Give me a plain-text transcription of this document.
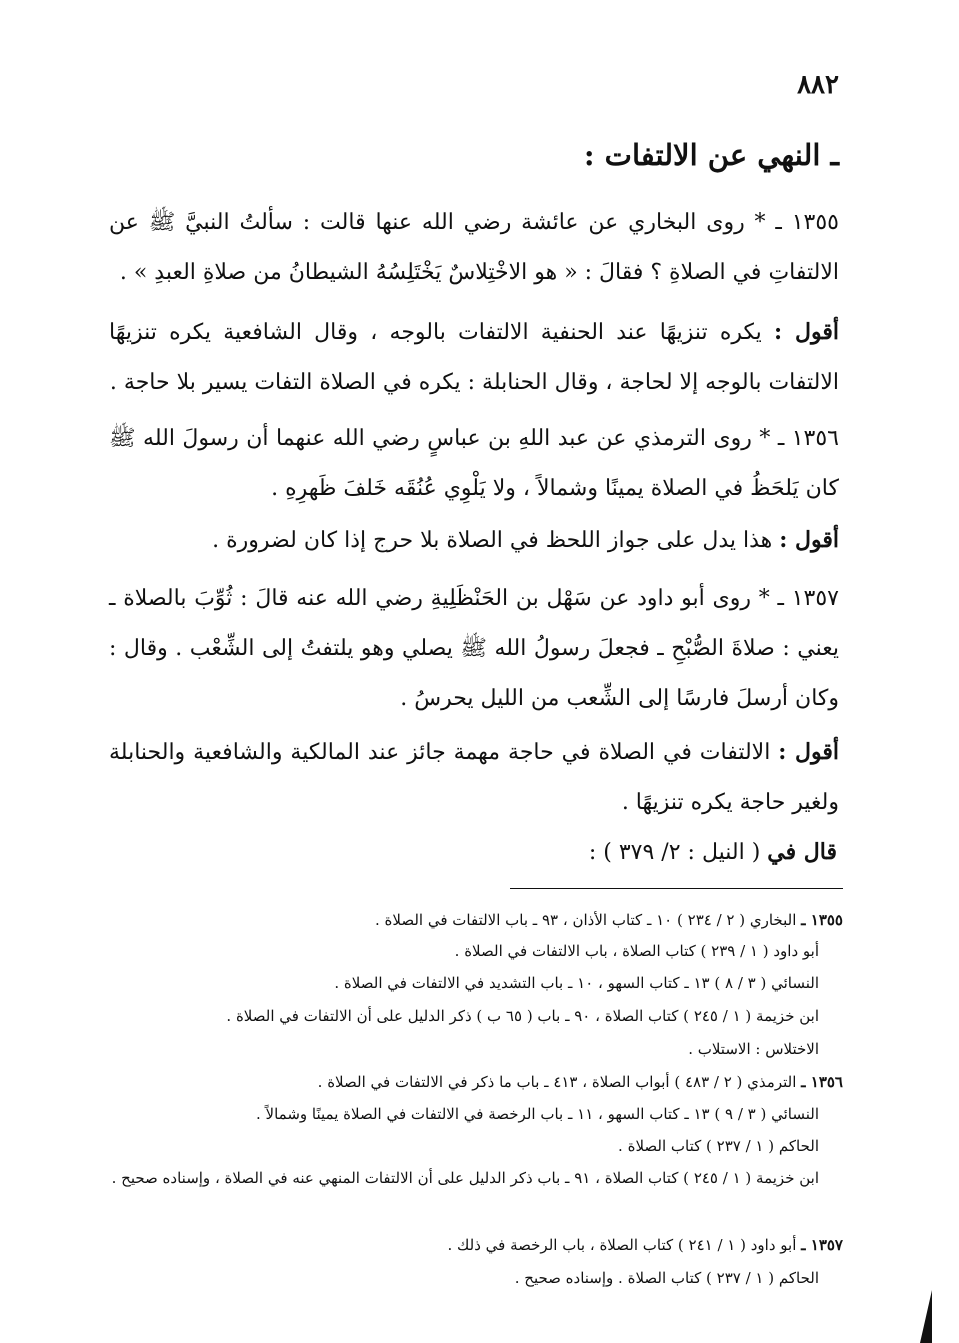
٨٨٢
ـ النهي عن الالتفات :
١٣٥٥ ـ * روى البخاري عن عائشة رضي الله عنها قالت : سألتُ النبيَّ ﷺ عن الالتفاتِ في الصلاةِ ؟ فقالَ : « هو الاخْتِلاسٌ يَخْتَلِسُهُ الشيطانُ من صلاةِ العبدِ » .
أقول : يكره تنزيهًا عند الحنفية الالتفات بالوجه ، وقال الشافعية يكره تنزيهًا الالتفات بالوجه إلا لحاجة ، وقال الحنابلة : يكره في الصلاة التفات يسير بلا حاجة .
١٣٥٦ ـ * روى الترمذي عن عبد اللهِ بن عباسٍ رضي الله عنهما أن رسولَ الله ﷺ كان يَلحَظُ في الصلاة يمينًا وشمالاً ، ولا يَلْوِي عُنُقَه خَلفَ ظَهرِهِ .
أقول : هذا يدل على جواز اللحظ في الصلاة بلا حرج إذا كان لضرورة .
١٣٥٧ ـ * روى أبو داود عن سَهْل بن الحَنْظَلِيةِ رضي الله عنه قالَ : ثُوِّبَ بالصلاة ـ يعني : صلاةَ الصُّبْحِ ـ فجعلَ رسولُ الله ﷺ يصلي وهو يلتفتُ إلى الشِّعْب . وقال : وكان أرسلَ فارسًا إلى الشِّعب من الليل يحرسُ .
أقول : الالتفات في الصلاة في حاجة مهمة جائز عند المالكية والشافعية والحنابلة ولغير حاجة يكره تنزيهًا .
قال في ( النيل : ٢/ ٣٧٩ ) :
١٣٥٥ ـ البخاري ( ٢ / ٢٣٤ ) ١٠ ـ كتاب الأذان ، ٩٣ ـ باب الالتفات في الصلاة .
أبو داود ( ١ / ٢٣٩ ) كتاب الصلاة ، باب الالتفات في الصلاة .
النسائي ( ٣ / ٨ ) ١٣ ـ كتاب السهو ، ١٠ ـ باب التشديد في الالتفات في الصلاة .
ابن خزيمة ( ١ / ٢٤٥ ) كتاب الصلاة ، ٩٠ ـ باب ( ٦٥ ب ) ذكر الدليل على أن الالتفات في الصلاة .
الاختلاس : الاستلاب .
١٣٥٦ ـ الترمذي ( ٢ / ٤٨٣ ) أبواب الصلاة ، ٤١٣ ـ باب ما ذكر في الالتفات في الصلاة .
النسائي ( ٣ / ٩ ) ١٣ ـ كتاب السهو ، ١١ ـ باب الرخصة في الالتفات في الصلاة يمينًا وشمالاً .
الحاكم ( ١ / ٢٣٧ ) كتاب الصلاة .
ابن خزيمة ( ١ / ٢٤٥ ) كتاب الصلاة ، ٩١ ـ باب ذكر الدليل على أن الالتفات المنهي عنه في الصلاة ، وإسناده صحيح .
١٣٥٧ ـ أبو داود ( ١ / ٢٤١ ) كتاب الصلاة ، باب الرخصة في ذلك .
الحاكم ( ١ / ٢٣٧ ) كتاب الصلاة . وإسناده صحيح .
